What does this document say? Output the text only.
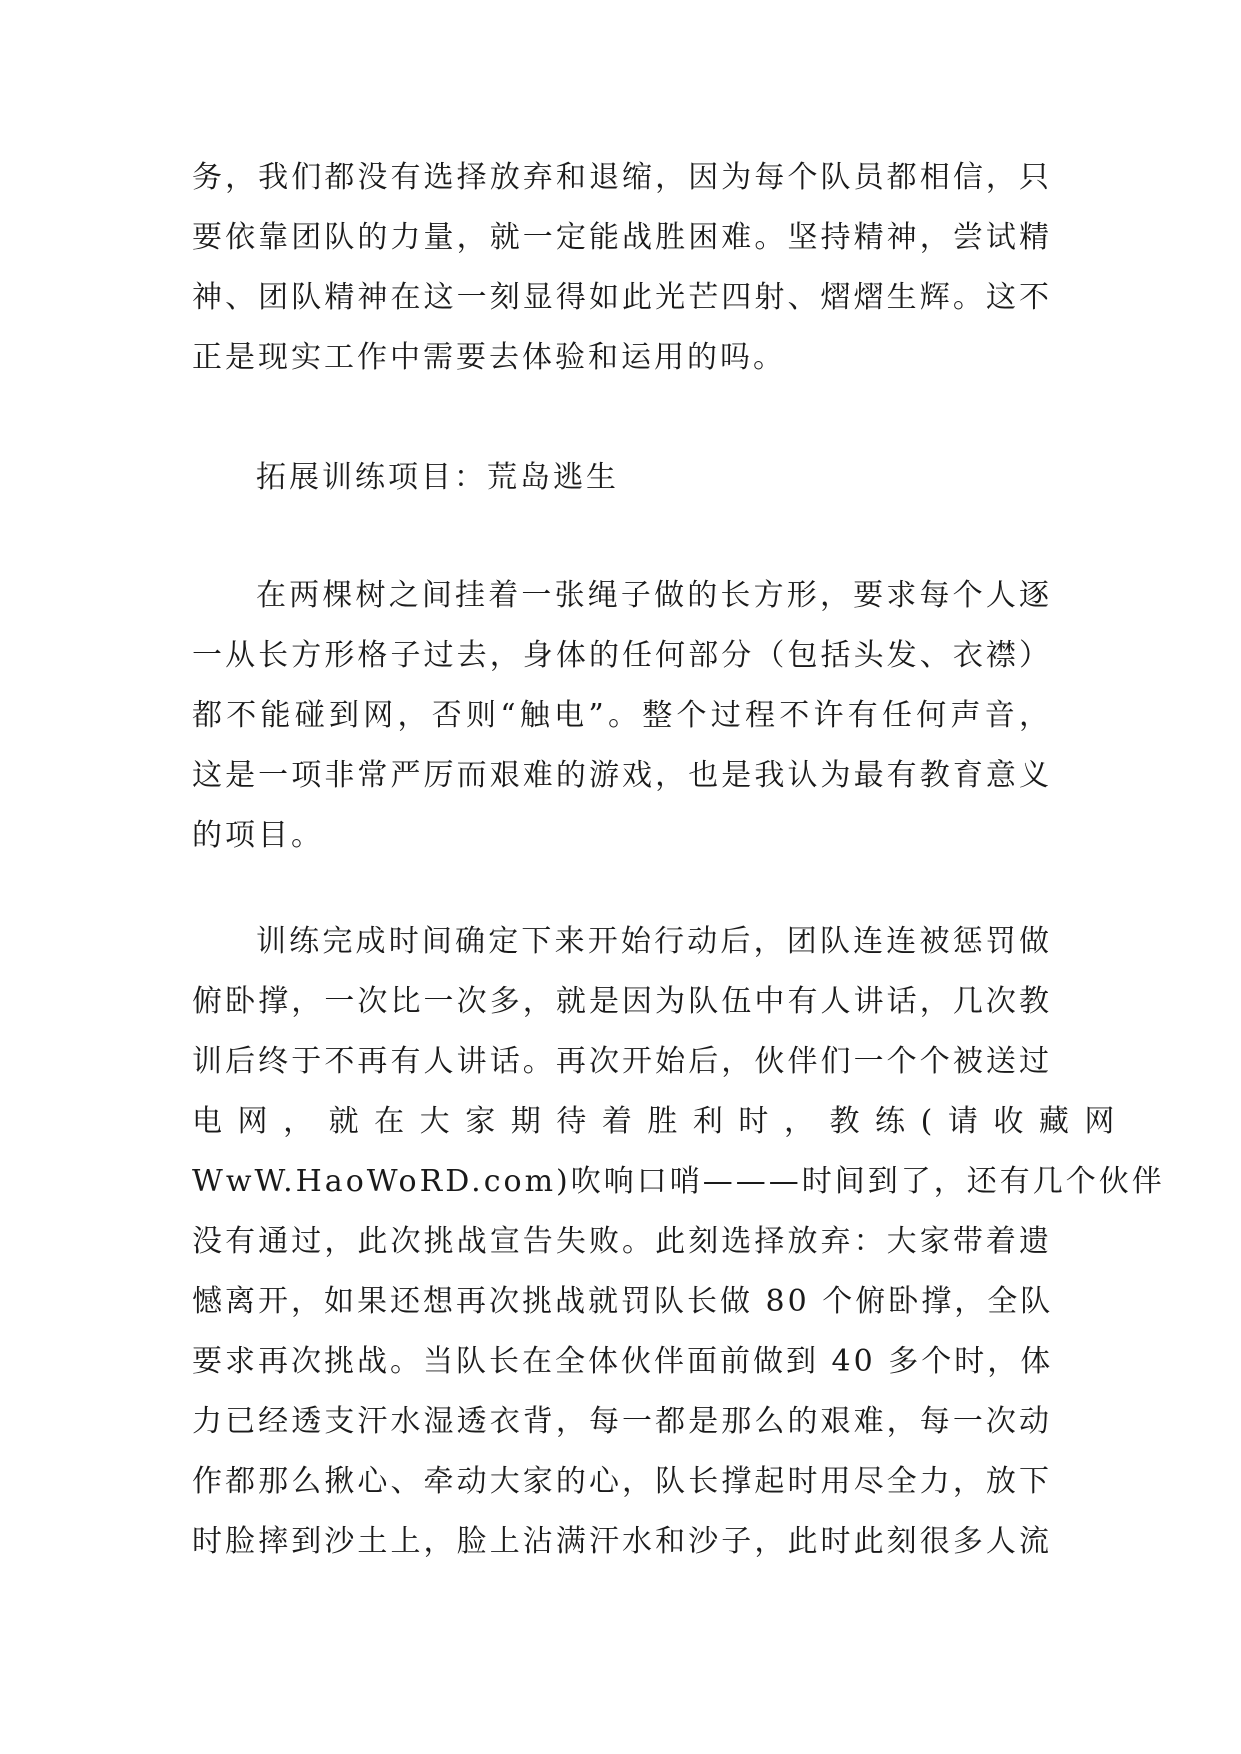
务，我们都没有选择放弃和退缩，因为每个队员都相信，只
要依靠团队的力量，就一定能战胜困难。坚持精神，尝试精
神、团队精神在这一刻显得如此光芒四射、熠熠生辉。这不
正是现实工作中需要去体验和运用的吗。
拓展训练项目：荒岛逃生
在两棵树之间挂着一张绳子做的长方形，要求每个人逐
一从长方形格子过去，身体的任何部分（包括头发、衣襟）
都不能碰到网，否则“触电”。整个过程不许有任何声音，
这是一项非常严厉而艰难的游戏，也是我认为最有教育意义
的项目。
训练完成时间确定下来开始行动后，团队连连被惩罚做
俯卧撑，一次比一次多，就是因为队伍中有人讲话，几次教
训后终于不再有人讲话。再次开始后，伙伴们一个个被送过
电 网 ， 就 在 大 家 期 待 着 胜 利 时 ， 教 练 ( 请 收 藏 网
WwW.HaoWoRD.com)吹响口哨———时间到了，还有几个伙伴
没有通过，此次挑战宣告失败。此刻选择放弃：大家带着遗
憾离开，如果还想再次挑战就罚队长做 80 个俯卧撑，全队
要求再次挑战。当队长在全体伙伴面前做到 40 多个时，体
力已经透支汗水湿透衣背，每一都是那么的艰难，每一次动
作都那么揪心、牵动大家的心，队长撑起时用尽全力，放下
时脸摔到沙土上，脸上沾满汗水和沙子，此时此刻很多人流
